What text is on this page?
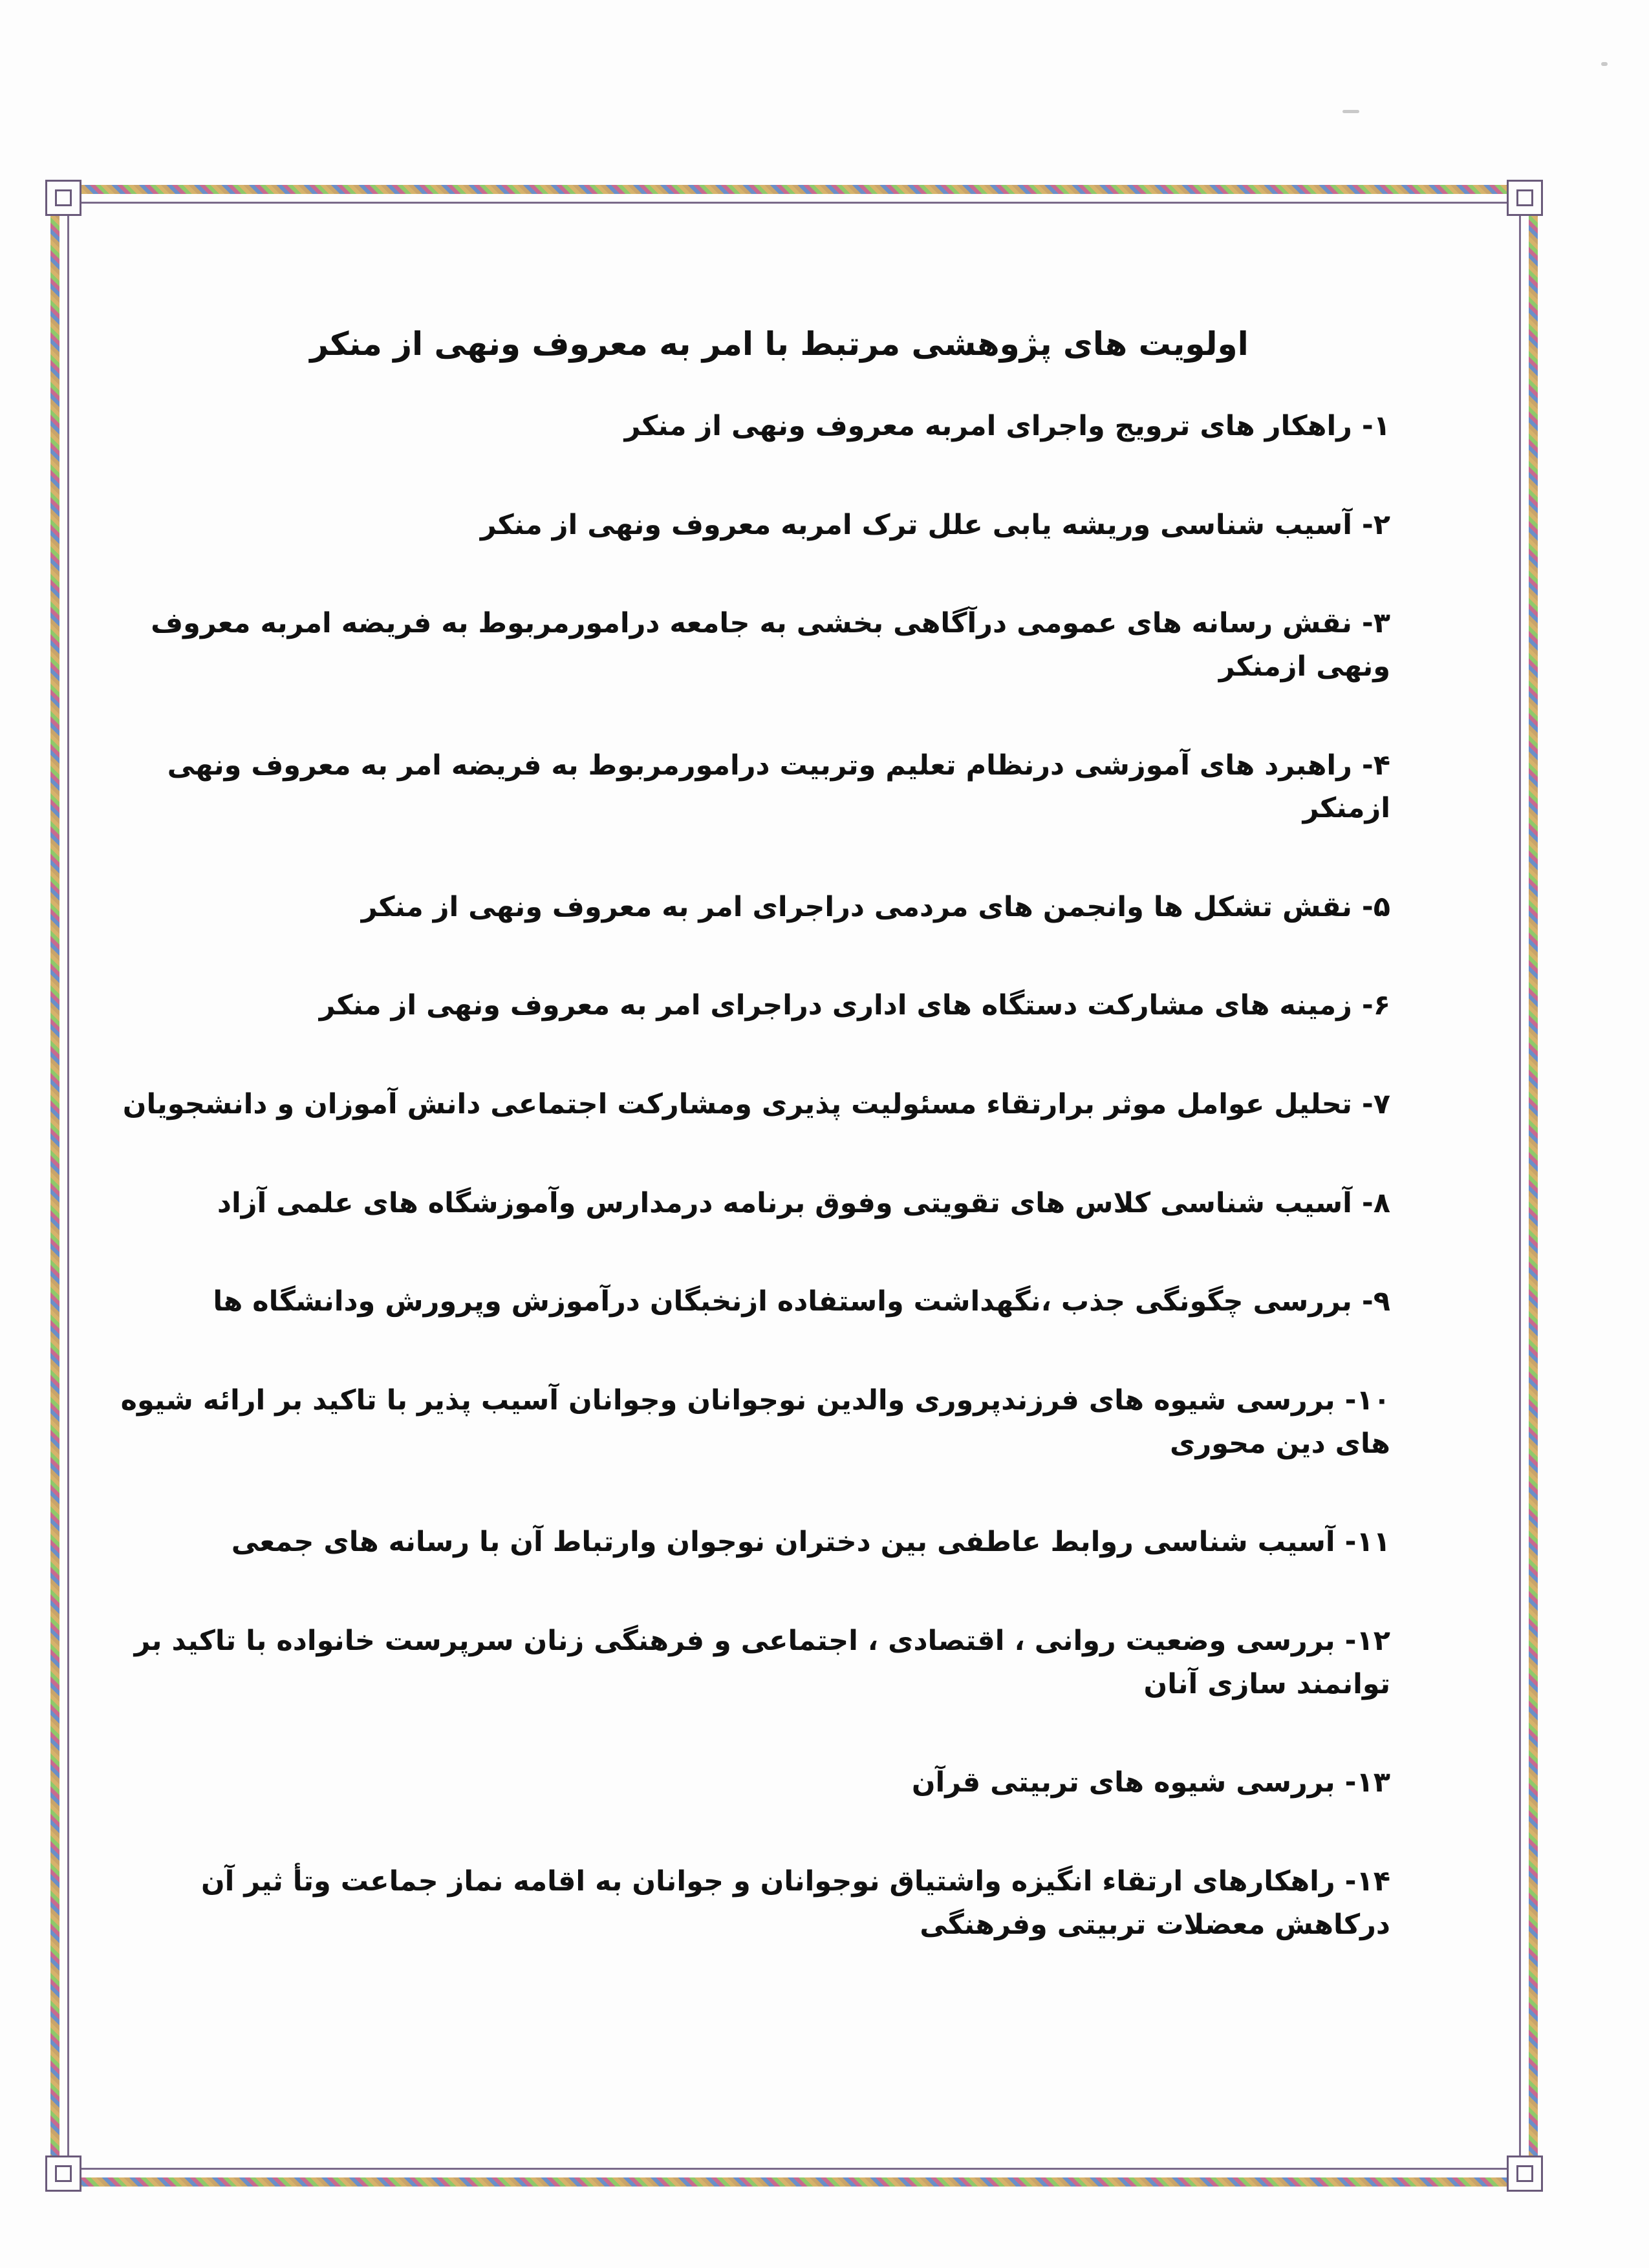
اولویت های پژوهشی مرتبط با امر به معروف ونهی از منکر
۱- راهکار های ترویج واجرای امربه معروف ونهی از منکر
۲- آسیب شناسی وریشه یابی علل ترک امربه معروف ونهی از منکر
۳- نقش رسانه های عمومی درآگاهی بخشی به جامعه درامورمربوط به فریضه امربه معروف ونهی ازمنکر
۴- راهبرد های آموزشی درنظام تعلیم وتربیت درامورمربوط به فریضه امر به معروف ونهی ازمنکر
۵- نقش تشکل ها وانجمن های مردمی دراجرای امر به معروف ونهی از منکر
۶- زمینه های مشارکت دستگاه های اداری دراجرای امر به معروف ونهی از منکر
۷- تحلیل عوامل موثر برارتقاء مسئولیت پذیری ومشارکت اجتماعی دانش آموزان و دانشجویان
۸- آسیب شناسی کلاس های تقویتی وفوق برنامه درمدارس وآموزشگاه های علمی آزاد
۹- بررسی چگونگی جذب ،نگهداشت واستفاده ازنخبگان درآموزش وپرورش ودانشگاه ها
۱۰- بررسی شیوه های فرزندپروری والدین نوجوانان وجوانان آسیب پذیر با تاکید بر ارائه شیوه های دین محوری
۱۱- آسیب شناسی روابط عاطفی بین دختران نوجوان وارتباط آن با رسانه های جمعی
۱۲- بررسی وضعیت روانی ، اقتصادی ، اجتماعی و فرهنگی زنان سرپرست خانواده با تاکید بر توانمند سازی آنان
۱۳- بررسی شیوه های تربیتی قرآن
۱۴- راهکارهای ارتقاء انگیزه واشتیاق نوجوانان و جوانان به اقامه نماز جماعت وتأ ثیر آن درکاهش معضلات تربیتی وفرهنگی
